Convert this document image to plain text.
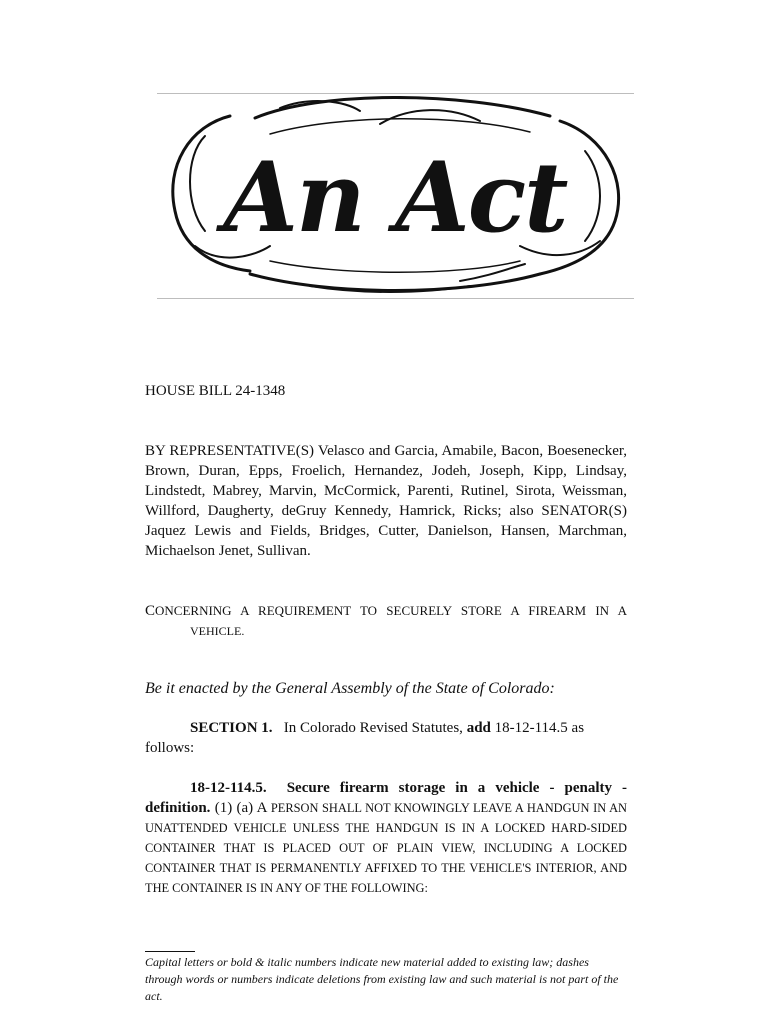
An Act
HOUSE BILL 24-1348
BY REPRESENTATIVE(S) Velasco and Garcia, Amabile, Bacon, Boesenecker, Brown, Duran, Epps, Froelich, Hernandez, Jodeh, Joseph, Kipp, Lindsay, Lindstedt, Mabrey, Marvin, McCormick, Parenti, Rutinel, Sirota, Weissman, Willford, Daugherty, deGruy Kennedy, Hamrick, Ricks; also SENATOR(S) Jaquez Lewis and Fields, Bridges, Cutter, Danielson, Hansen, Marchman, Michaelson Jenet, Sullivan.
CONCERNING A REQUIREMENT TO SECURELY STORE A FIREARM IN A
VEHICLE.
Be it enacted by the General Assembly of the State of Colorado:
SECTION 1. In Colorado Revised Statutes, add 18-12-114.5 as follows:
18-12-114.5. Secure firearm storage in a vehicle - penalty - definition. (1) (a) A PERSON SHALL NOT KNOWINGLY LEAVE A HANDGUN IN AN UNATTENDED VEHICLE UNLESS THE HANDGUN IS IN A LOCKED HARD-SIDED CONTAINER THAT IS PLACED OUT OF PLAIN VIEW, INCLUDING A LOCKED CONTAINER THAT IS PERMANENTLY AFFIXED TO THE VEHICLE'S INTERIOR, AND THE CONTAINER IS IN ANY OF THE FOLLOWING:
Capital letters or bold & italic numbers indicate new material added to existing law; dashes through words or numbers indicate deletions from existing law and such material is not part of the act.
